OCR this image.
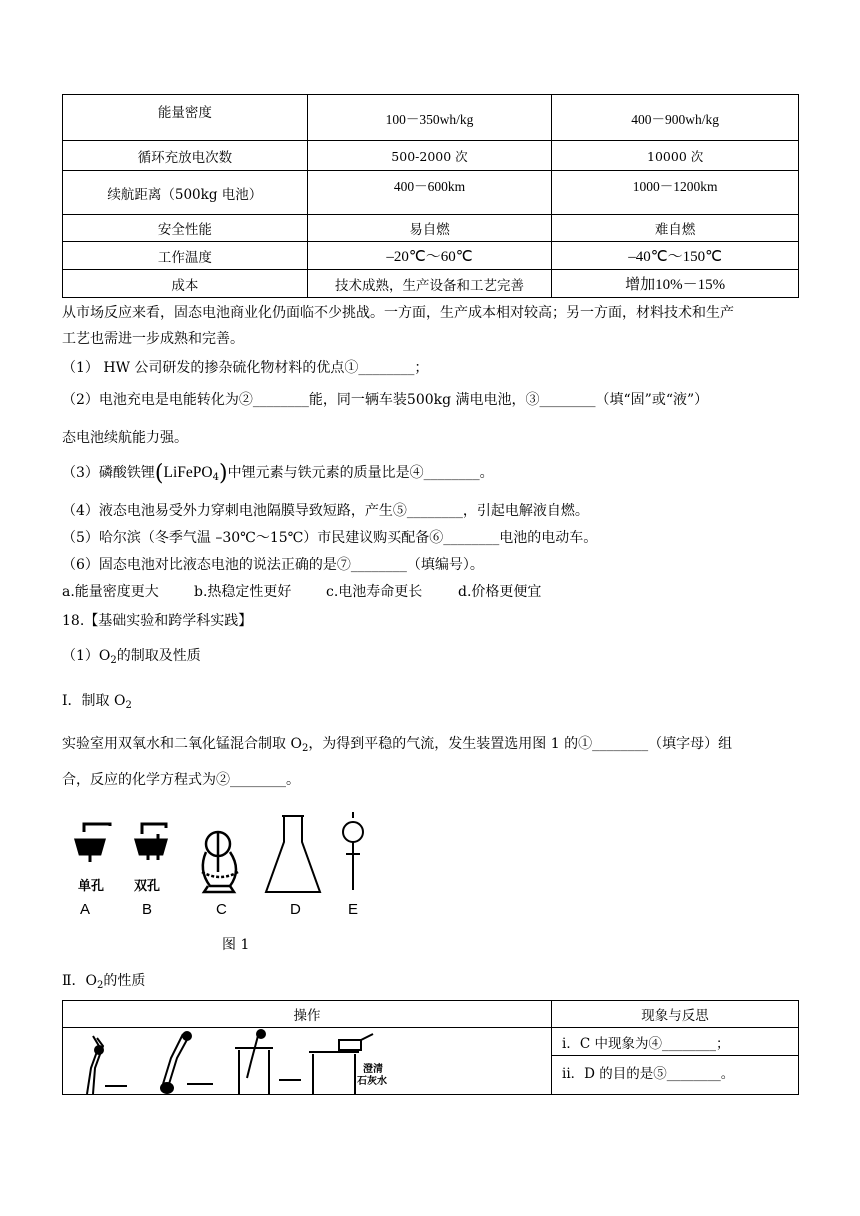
能量密度	100－350wh/kg	400－900wh/kg
循环充放电次数	500-2000 次	10000 次
续航距离（500kg 电池）	400－600km	1000－1200km
安全性能	易自燃	难自燃
工作温度	–20℃～60℃	–40℃～150℃
成本	技术成熟，生产设备和工艺完善	增加10%－15%
从市场反应来看，固态电池商业化仍面临不少挑战。一方面，生产成本相对较高；另一方面，材料技术和生产
工艺也需进一步成熟和完善。
（1） HW 公司研发的掺杂硫化物材料的优点①________；
（2）电池充电是电能转化为②________能，同一辆车装500kg 满电电池，③________（填“固”或“液”）
态电池续航能力强。
（3）磷酸铁锂(LiFePO$_4$)中锂元素与铁元素的质量比是④________。
（4）液态电池易受外力穿刺电池隔膜导致短路，产生⑤________，引起电解液自燃。
（5）哈尔滨（冬季气温 –30℃～15℃）市民建议购买配备⑥________电池的电动车。
（6）固态电池对比液态电池的说法正确的是⑦________（填编号）。
a.能量密度更大	b.热稳定性更好 c.电池寿命更长	d.价格更便宜
18.【基础实验和跨学科实践】
$(1)O_2$的制取及性质
Ⅰ．制取 $O_2$
实验室用双氧水和二氧化锰混合制取 $O_2$，为得到平稳的气流，发生装置选用图 1 的①________（填字母）组
合，反应的化学方程式为②________。
单孔 双孔
A	B	C	D	E
图 1
Ⅱ．$O_2$的性质
操作	现象与反思

澄清
石灰水	i．C 中现象为④________；
	ii．D 的目的是⑤________。
